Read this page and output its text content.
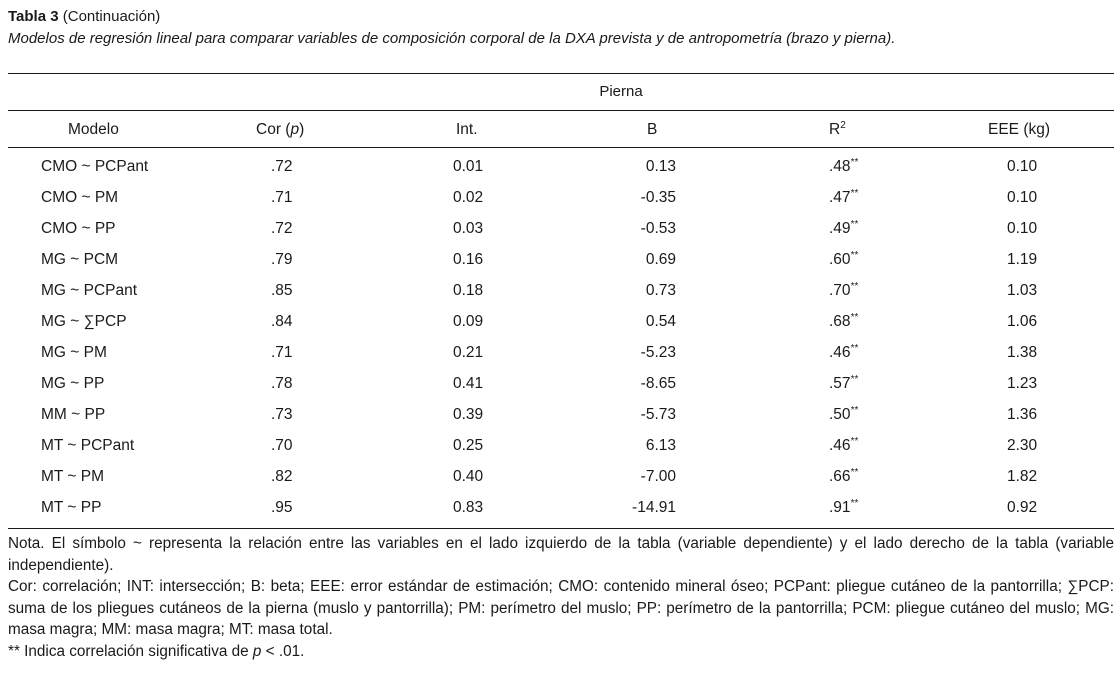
Tabla 3 (Continuación)
Modelos de regresión lineal para comparar variables de composición corporal de la DXA prevista y de antropometría (brazo y pierna).
Pierna
Modelo	Cor (p)	Int.	B	$R^2$	EEE (kg)
CMO ~ PCPant	.72	0.01	0.13	.48**	0.10
CMO ~ PM	.71	0.02	-0.35	.47**	0.10
CMO ~ PP	.72	0.03	-0.53	.49**	0.10
MG ~ PCM	.79	0.16	0.69	.60**	1.19
MG ~ PCPant	.85	0.18	0.73	.70**	1.03
MG ~ ∑PCP	.84	0.09	0.54	.68**	1.06
MG ~ PM	.71	0.21	-5.23	.46**	1.38
MG ~ PP	.78	0.41	-8.65	.57**	1.23
MM ~ PP	.73	0.39	-5.73	.50**	1.36
MT ~ PCPant	.70	0.25	6.13	.46**	2.30
MT ~ PM	.82	0.40	-7.00	.66**	1.82
MT ~ PP	.95	0.83	-14.91	.91**	0.92

Nota. El símbolo ~ representa la relación entre las variables en el lado izquierdo de la tabla (variable dependiente) y el lado derecho de la tabla (variable independiente).

Cor: correlación; INT: intersección; B: beta; EEE: error estándar de estimación; CMO: contenido mineral óseo; PCPant: pliegue cutáneo de la pantorrilla; ∑PCP: suma de los pliegues cutáneos de la pierna (muslo y pantorrilla); PM: perímetro del muslo; PP: perímetro de la pantorrilla; PCM: pliegue cutáneo del muslo; MG: masa magra; MM: masa magra; MT: masa total.

** Indica correlación significativa de p < .01.
